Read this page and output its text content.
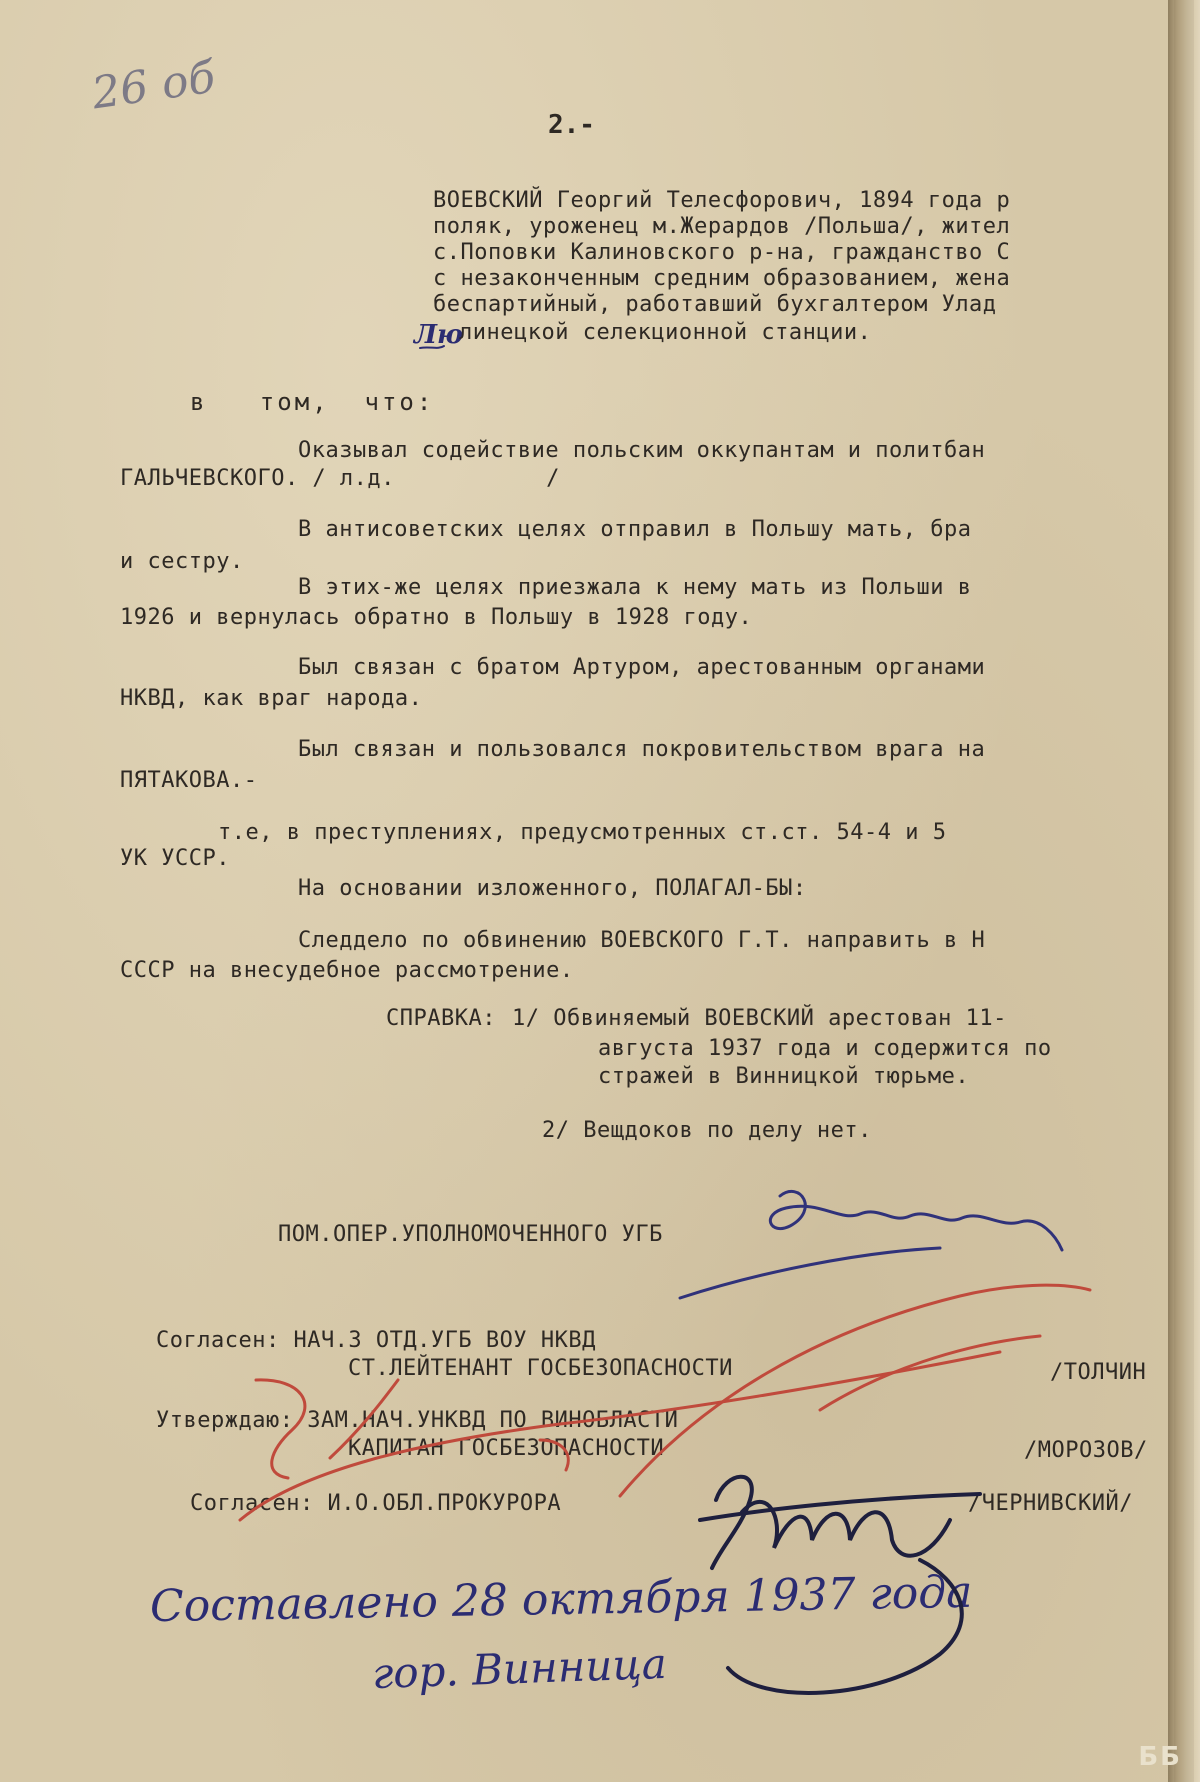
26 об
2.-
ВОЕВСКИЙ Георгий Телесфорович, 1894 года р
поляк, уроженец м.Жерардов /Польша/, жител
с.Поповки Калиновского р-на, гражданство С
с незаконченным средним образованием, жена
беспартийный, работавший бухгалтером Улад
Лю
линецкой селекционной станции.
в   том,  что:
Оказывал содействие польским оккупантам и политбан
ГАЛЬЧЕВСКОГО. / л.д.           /
В антисоветских целях отправил в Польшу мать, бра
и сестру.
В этих-же целях приезжала к нему мать из Польши в
1926 и вернулась обратно в Польшу в 1928 году.
Был связан с братом Артуром, арестованным органами
НКВД, как враг народа.
Был связан и пользовался покровительством врага на
ПЯТАКОВА.-
т.е, в преступлениях, предусмотренных ст.ст. 54-4 и 5
УК УССР.
На основании изложенного, ПОЛАГАЛ-БЫ:
Следдело по обвинению ВОЕВСКОГО Г.Т. направить в Н
СССР на внесудебное рассмотрение.
СПРАВКА: 1/ Обвиняемый ВОЕВСКИЙ арестован 11-
августа 1937 года и содержится по
стражей в Винницкой тюрьме.
2/ Вещдоков по делу нет.
ПОМ.ОПЕР.УПОЛНОМОЧЕННОГО УГБ
Согласен: НАЧ.3 ОТД.УГБ ВОУ НКВД
СТ.ЛЕЙТЕНАНТ ГОСБЕЗОПАСНОСТИ	/ТОЛЧИН
Утверждаю: ЗАМ.НАЧ.УНКВД ПО ВИНОБЛАСТИ
КАПИТАН ГОСБЕЗОПАСНОСТИ	/МОРОЗОВ/
Согласен: И.О.ОБЛ.ПРОКУРОРА	/ЧЕРНИВСКИЙ/
Составлено 28 октября 1937 года
гор. Винница
ББ
